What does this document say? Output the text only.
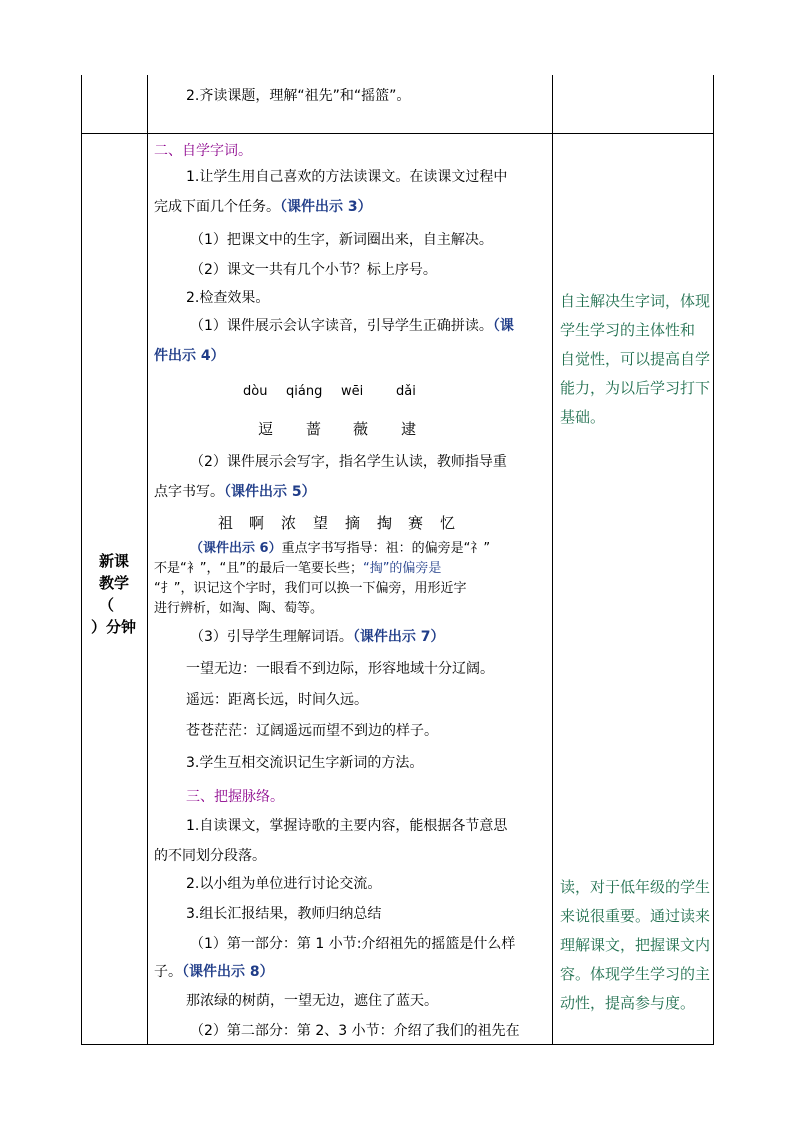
2.齐读课题，理解“祖先”和“摇篮”。
新课
教学
（
）分钟
二、自学字词。
1.让学生用自己喜欢的方法读课文。在读课文过程中
完成下面几个任务。（课件出示 3）
（1）把课文中的生字，新词圈出来，自主解决。
（2）课文一共有几个小节？标上序号。
2.检查效果。
（1）课件展示会认字读音，引导学生正确拼读。（课
件出示 4）
dòu qiáng wēi	dǎi
逗 蔷 薇 逮
（2）课件展示会写字，指名学生认读，教师指导重
点字书写。（课件出示 5）
祖 啊 浓 望 摘 掏 赛 忆
（课件出示 6）重点字书写指导：祖：的偏旁是“礻”
不是“衤”，“且”的最后一笔要长些；“掏”的偏旁是
“扌”，识记这个字时，我们可以换一下偏旁，用形近字
进行辨析，如淘、陶、萄等。
（3）引导学生理解词语。（课件出示 7）
一望无边：一眼看不到边际，形容地域十分辽阔。
遥远：距离长远，时间久远。
苍苍茫茫：辽阔遥远而望不到边的样子。
3.学生互相交流识记生字新词的方法。
三、把握脉络。
1.自读课文，掌握诗歌的主要内容，能根据各节意思
的不同划分段落。
2.以小组为单位进行讨论交流。
3.组长汇报结果，教师归纳总结
（1）第一部分：第 1 小节:介绍祖先的摇篮是什么样
子。（课件出示 8）
那浓绿的树荫，一望无边，遮住了蓝天。
（2）第二部分：第 2、3 小节：介绍了我们的祖先在
自主解决生字词，体现
学生学习的主体性和
自觉性，可以提高自学
能力，为以后学习打下
基础。
读，对于低年级的学生
来说很重要。通过读来
理解课文，把握课文内
容。体现学生学习的主
动性，提高参与度。
